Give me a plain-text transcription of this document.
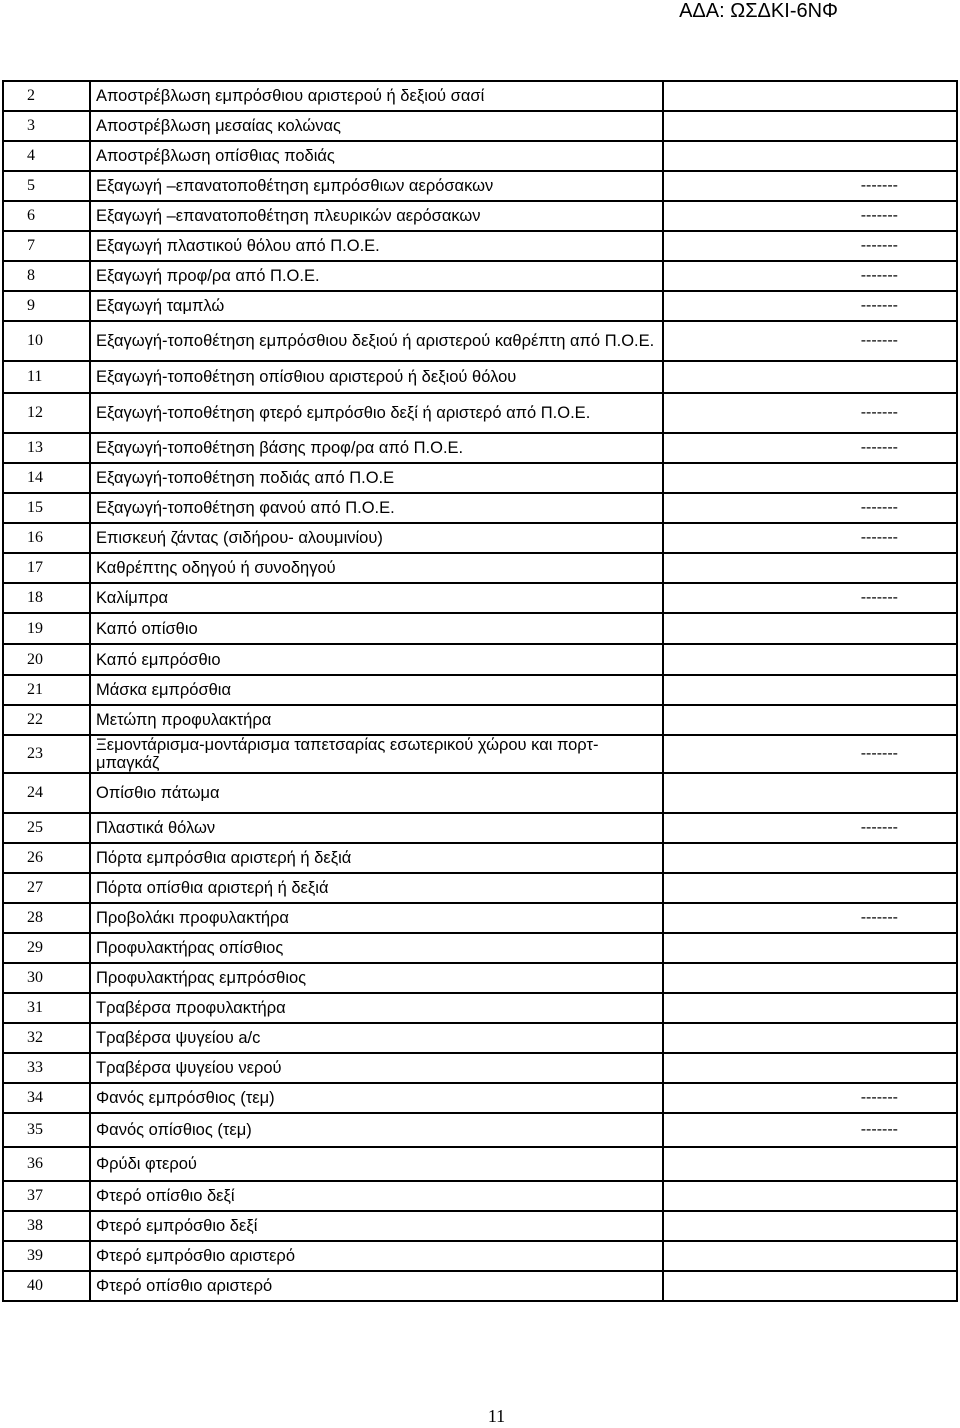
ΑΔΑ: ΩΣΔΚΙ-6ΝΦ
2	Αποστρέβλωση εμπρόσθιου αριστερού ή δεξιού σασί	
3	Αποστρέβλωση μεσαίας κολώνας	
4	Αποστρέβλωση οπίσθιας ποδιάς	
5	Εξαγωγή –επανατοποθέτηση εμπρόσθιων αερόσακων	-------
6	Εξαγωγή –επανατοποθέτηση πλευρικών αερόσακων	-------
7	Εξαγωγή πλαστικού θόλου από Π.Ο.Ε.	-------
8	Εξαγωγή προφ/ρα από Π.Ο.Ε.	-------
9	Εξαγωγή ταμπλώ	-------
10	Εξαγωγή-τοποθέτηση εμπρόσθιου δεξιού ή αριστερού καθρέπτη από Π.Ο.Ε.	-------
11	Εξαγωγή-τοποθέτηση οπίσθιου αριστερού ή δεξιού θόλου	
12	Εξαγωγή-τοποθέτηση φτερό εμπρόσθιο δεξί ή αριστερό από Π.Ο.Ε.	-------
13	Εξαγωγή-τοποθέτηση βάσης προφ/ρα από Π.Ο.Ε.	-------
14	Εξαγωγή-τοποθέτηση ποδιάς από Π.Ο.Ε	
15	Εξαγωγή-τοποθέτηση φανού από Π.Ο.Ε.	-------
16	Επισκευή ζάντας (σιδήρου- αλουμινίου)	-------
17	Καθρέπτης οδηγού ή συνοδηγού	
18	Καλίμπρα	-------
19	Καπό οπίσθιο	
20	Καπό εμπρόσθιο	
21	Μάσκα εμπρόσθια	
22	Μετώπη προφυλακτήρα	
23	Ξεμοντάρισμα-μοντάρισμα ταπετσαρίας εσωτερικού χώρου και πορτ- μπαγκάζ	-------
24	Οπίσθιο πάτωμα	
25	Πλαστικά θόλων	-------
26	Πόρτα εμπρόσθια αριστερή ή δεξιά	
27	Πόρτα οπίσθια αριστερή ή δεξιά	
28	Προβολάκι προφυλακτήρα	-------
29	Προφυλακτήρας οπίσθιος	
30	Προφυλακτήρας εμπρόσθιος	
31	Τραβέρσα προφυλακτήρα	
32	Τραβέρσα ψυγείου a/c	
33	Τραβέρσα ψυγείου νερού	
34	Φανός εμπρόσθιος (τεμ)	-------
35	Φανός οπίσθιος (τεμ)	-------
36	Φρύδι φτερού	
37	Φτερό οπίσθιο δεξί	
38	Φτερό εμπρόσθιο δεξί	
39	Φτερό εμπρόσθιο αριστερό	
40	Φτερό οπίσθιο αριστερό	
11
